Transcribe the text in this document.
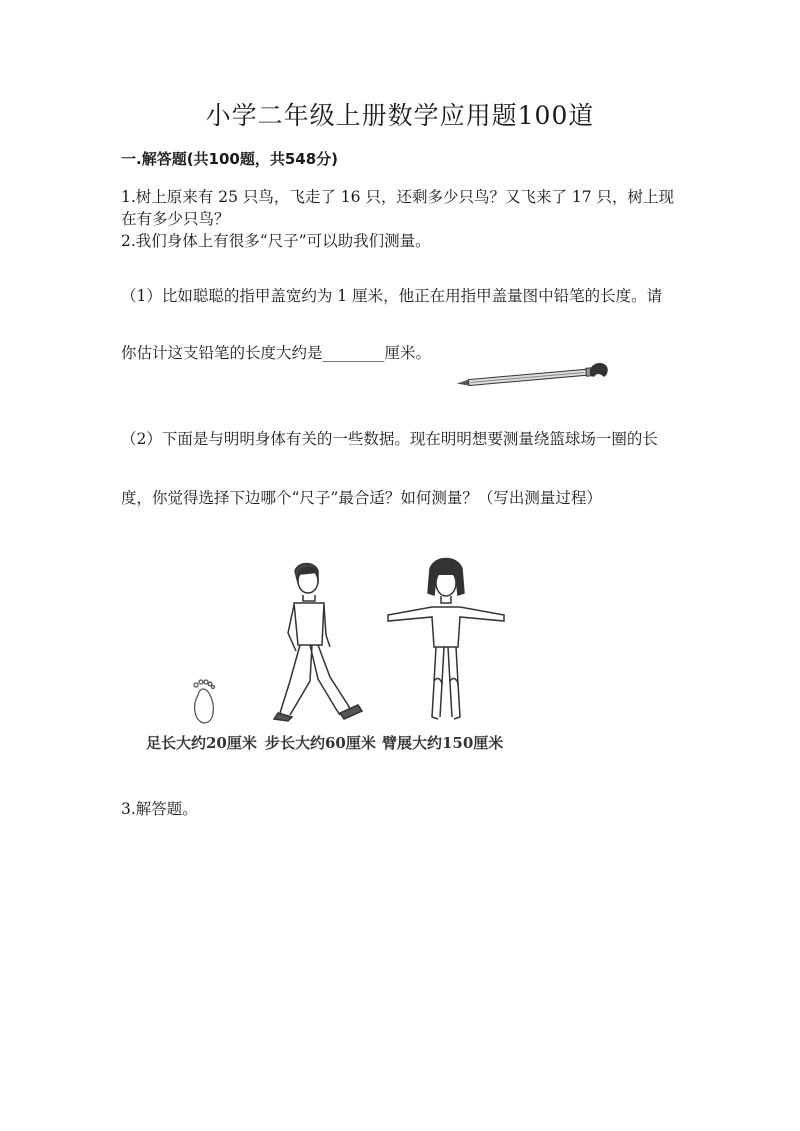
小学二年级上册数学应用题100道
一.解答题(共100题，共548分)
1.树上原来有 25 只鸟，飞走了 16 只，还剩多少只鸟？又飞来了 17 只，树上现
在有多少只鸟？
2.我们身体上有很多“尺子”可以助我们测量。
（1）比如聪聪的指甲盖宽约为 1 厘米，他正在用指甲盖量图中铅笔的长度。请
你估计这支铅笔的长度大约是________厘米。
（2）下面是与明明身体有关的一些数据。现在明明想要测量绕篮球场一圈的长
度，你觉得选择下边哪个“尺子”最合适？如何测量？（写出测量过程）
足长大约20厘米 步长大约60厘米 臂展大约150厘米
3.解答题。
